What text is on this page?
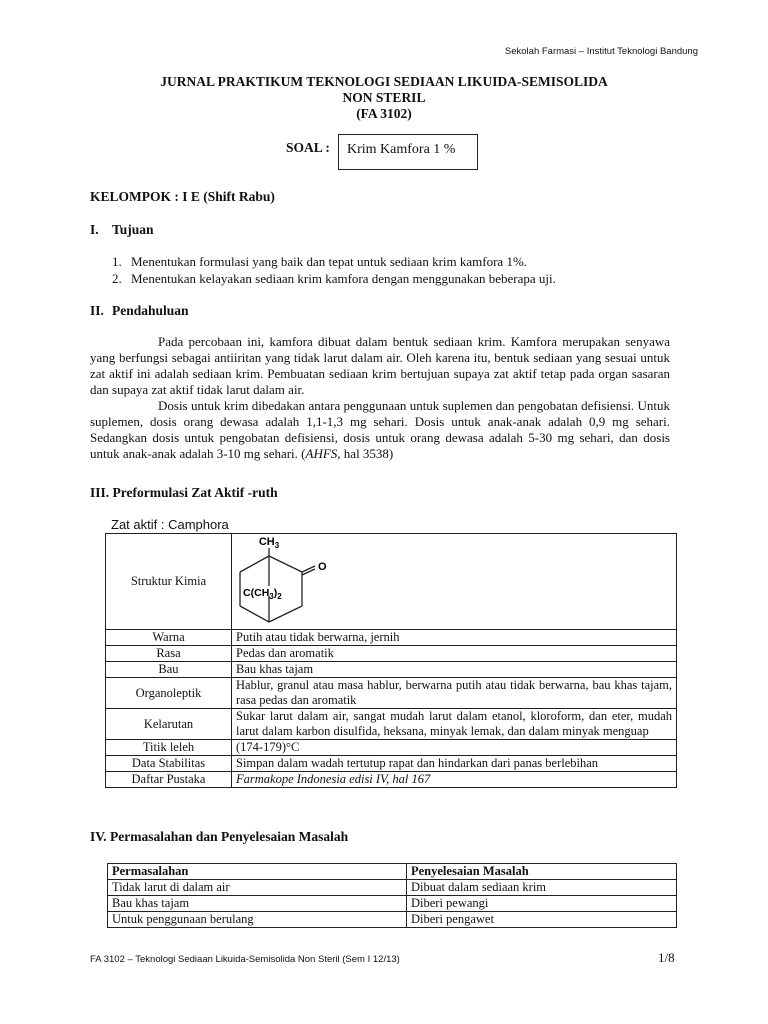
Sekolah Farmasi – Institut Teknologi Bandung
JURNAL PRAKTIKUM TEKNOLOGI SEDIAAN LIKUIDA-SEMISOLIDA
NON STERIL
(FA 3102)
SOAL :	Krim Kamfora 1 %
KELOMPOK : I E (Shift Rabu)
I. Tujuan
1. Menentukan formulasi yang baik dan tepat untuk sediaan krim kamfora 1%.
2. Menentukan kelayakan sediaan krim kamfora dengan menggunakan beberapa uji.
II. Pendahuluan

Pada percobaan ini, kamfora dibuat dalam bentuk sediaan krim. Kamfora merupakan senyawa yang berfungsi sebagai antiiritan yang tidak larut dalam air. Oleh karena itu, bentuk sediaan yang sesuai untuk zat aktif ini adalah sediaan krim. Pembuatan sediaan krim bertujuan supaya zat aktif tetap pada organ sasaran dan supaya zat aktif tidak larut dalam air.

Dosis untuk krim dibedakan antara penggunaan untuk suplemen dan pengobatan defisiensi. Untuk suplemen, dosis orang dewasa adalah 1,1-1,3 mg sehari. Dosis untuk anak-anak adalah 0,9 mg sehari. Sedangkan dosis untuk pengobatan defisiensi, dosis untuk orang dewasa adalah 5-30 mg sehari, dan dosis untuk anak-anak adalah 3-10 mg sehari. (AHFS, hal 3538)

III. Preformulasi Zat Aktif -ruth
Zat aktif : Camphora
Struktur Kimia	$CH_3$
O
$C(CH_3)_2$

Warna	Putih atau tidak berwarna, jernih
Rasa	Pedas dan aromatik
Bau	Bau khas tajam
Organoleptik	Hablur, granul atau masa hablur, berwarna putih atau tidak berwarna, bau khas tajam, rasa pedas dan aromatik
Kelarutan	Sukar larut dalam air, sangat mudah larut dalam etanol, kloroform, dan eter, mudah larut dalam karbon disulfida, heksana, minyak lemak, dan dalam minyak menguap
Titik leleh	(174-179)°C
Data Stabilitas	Simpan dalam wadah tertutup rapat dan hindarkan dari panas berlebihan
Daftar Pustaka	Farmakope Indonesia edisi IV, hal 167
IV. Permasalahan dan Penyelesaian Masalah
Permasalahan	Penyelesaian Masalah
Tidak larut di dalam air	Dibuat dalam sediaan krim
Bau khas tajam	Diberi pewangi
Untuk penggunaan berulang	Diberi pengawet
FA 3102 – Teknologi Sediaan Likuida-Semisolida Non Steril (Sem I 12/13)	1/8
